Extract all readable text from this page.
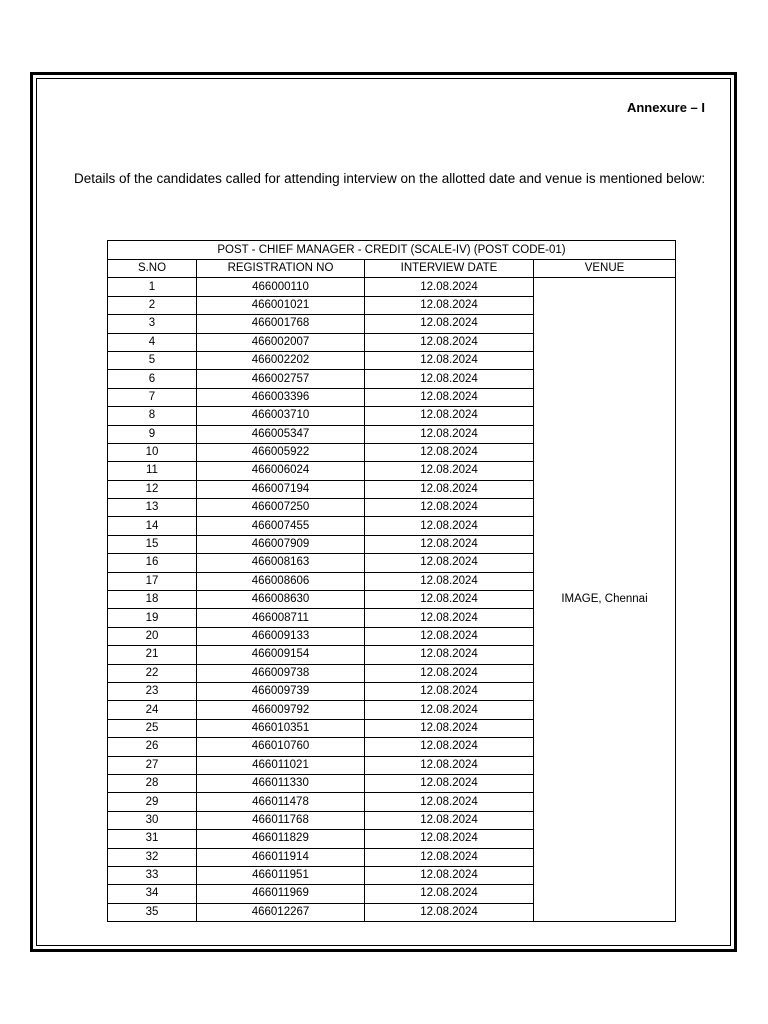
Annexure – I
Details of the candidates called for attending interview on the allotted date and venue is mentioned below:
POST - CHIEF MANAGER - CREDIT (SCALE-IV) (POST CODE-01)			
S.NO	REGISTRATION NO	INTERVIEW DATE	VENUE
1	466000110	12.08.2024	IMAGE, Chennai
2	466001021	12.08.2024	
3	466001768	12.08.2024	
4	466002007	12.08.2024	
5	466002202	12.08.2024	
6	466002757	12.08.2024	
7	466003396	12.08.2024	
8	466003710	12.08.2024	
9	466005347	12.08.2024	
10	466005922	12.08.2024	
11	466006024	12.08.2024	
12	466007194	12.08.2024	
13	466007250	12.08.2024	
14	466007455	12.08.2024	
15	466007909	12.08.2024	
16	466008163	12.08.2024	
17	466008606	12.08.2024	
18	466008630	12.08.2024	
19	466008711	12.08.2024	
20	466009133	12.08.2024	
21	466009154	12.08.2024	
22	466009738	12.08.2024	
23	466009739	12.08.2024	
24	466009792	12.08.2024	
25	466010351	12.08.2024	
26	466010760	12.08.2024	
27	466011021	12.08.2024	
28	466011330	12.08.2024	
29	466011478	12.08.2024	
30	466011768	12.08.2024	
31	466011829	12.08.2024	
32	466011914	12.08.2024	
33	466011951	12.08.2024	
34	466011969	12.08.2024	
35	466012267	12.08.2024	
